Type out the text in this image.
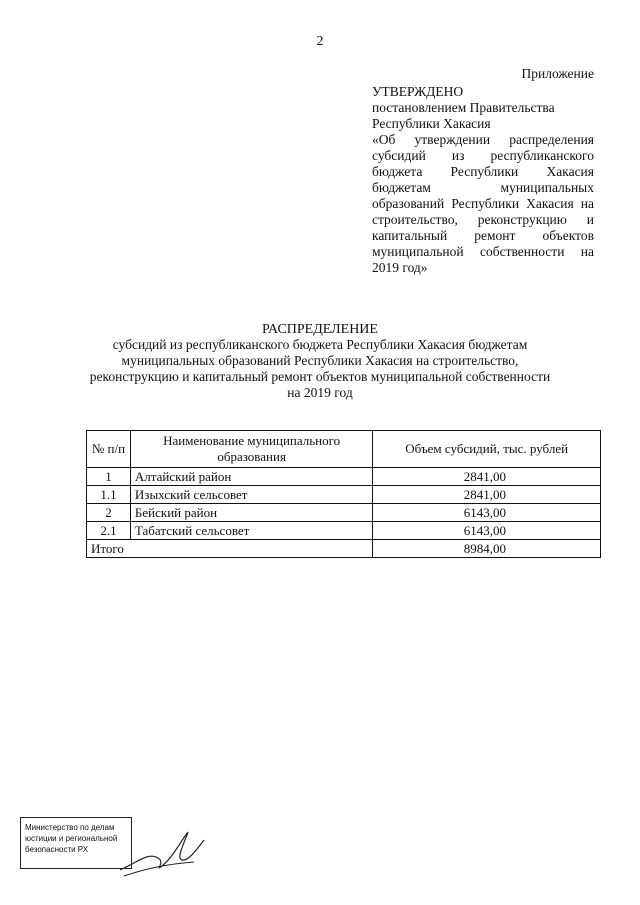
2
Приложение
УТВЕРЖДЕНО
постановлением Правительства
Республики Хакасия
«Об утверждении распределения
субсидий из республиканского
бюджета Республики Хакасия
бюджетам муниципальных
образований Республики Хакасия на
строительство, реконструкцию и
капитальный ремонт объектов
муниципальной собственности на
2019 год»
РАСПРЕДЕЛЕНИЕ
субсидий из республиканского бюджета Республики Хакасия бюджетам
муниципальных образований Республики Хакасия на строительство,
реконструкцию и капитальный ремонт объектов муниципальной собственности
на 2019 год
№ п/п	Наименование муниципального образования	Объем субсидий, тыс. рублей
1	Алтайский район	2841,00
1.1	Изыхский сельсовет	2841,00
2	Бейский район	6143,00
2.1	Табатский сельсовет	6143,00
Итого		8984,00
Министерство по делам
юстиции и региональной
безопасности РХ
